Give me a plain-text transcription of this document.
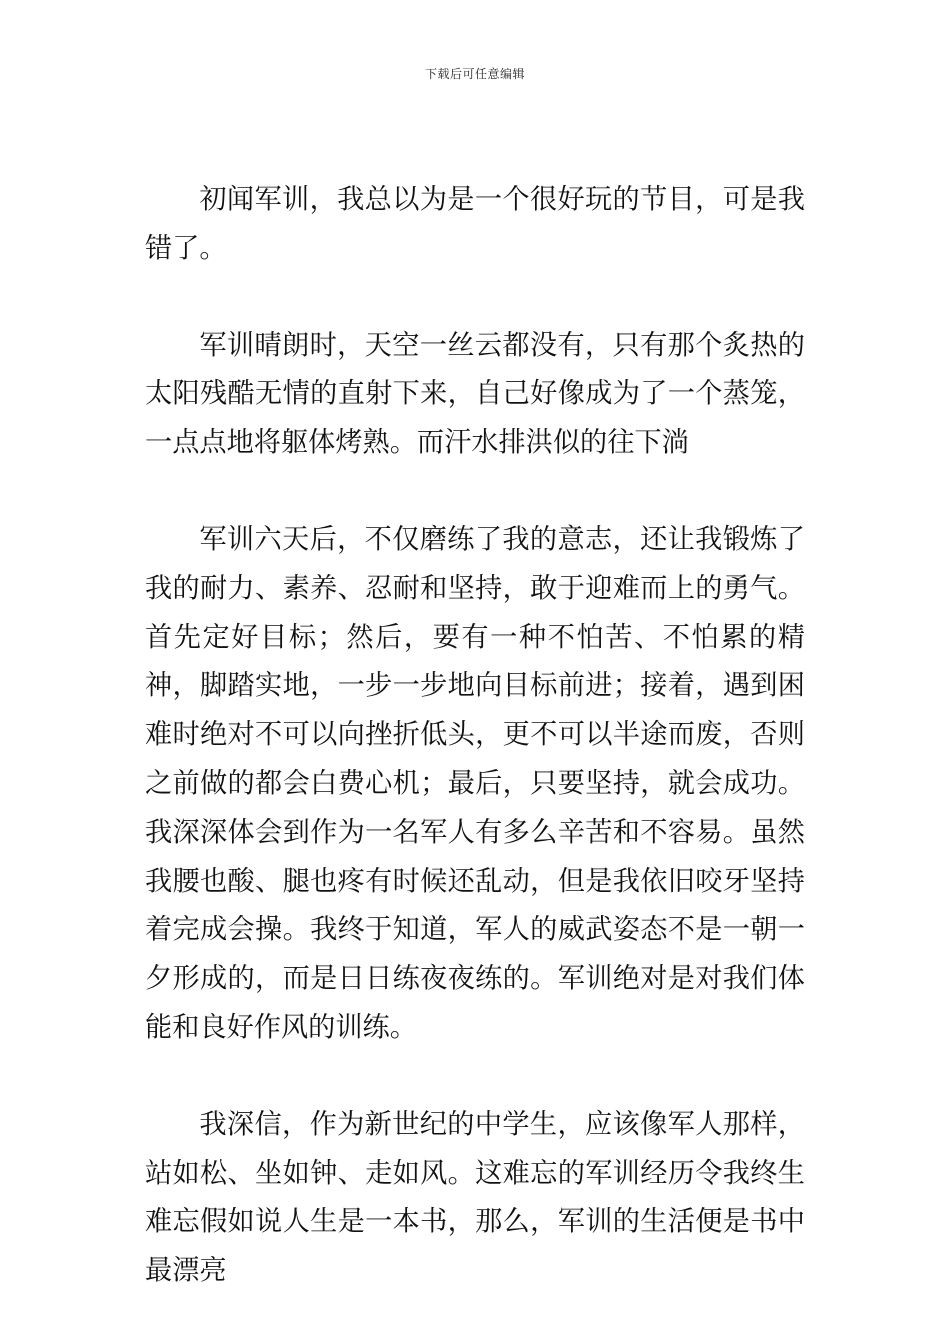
下载后可任意编辑

初闻军训，我总以为是一个很好玩的节目，可是我错了。

军训晴朗时，天空一丝云都没有，只有那个炙热的太阳残酷无情的直射下来，自己好像成为了一个蒸笼，一点点地将躯体烤熟。而汗水排洪似的往下淌

军训六天后，不仅磨练了我的意志，还让我锻炼了我的耐力、素养、忍耐和坚持，敢于迎难而上的勇气。首先定好目标；然后，要有一种不怕苦、不怕累的精神，脚踏实地，一步一步地向目标前进；接着，遇到困难时绝对不可以向挫折低头，更不可以半途而废，否则之前做的都会白费心机；最后，只要坚持，就会成功。我深深体会到作为一名军人有多么辛苦和不容易。虽然我腰也酸、腿也疼有时候还乱动，但是我依旧咬牙坚持着完成会操。我终于知道，军人的威武姿态不是一朝一夕形成的，而是日日练夜夜练的。军训绝对是对我们体能和良好作风的训练。

我深信，作为新世纪的中学生，应该像军人那样，站如松、坐如钟、走如风。这难忘的军训经历令我终生难忘假如说人生是一本书，那么，军训的生活便是书中最漂亮
